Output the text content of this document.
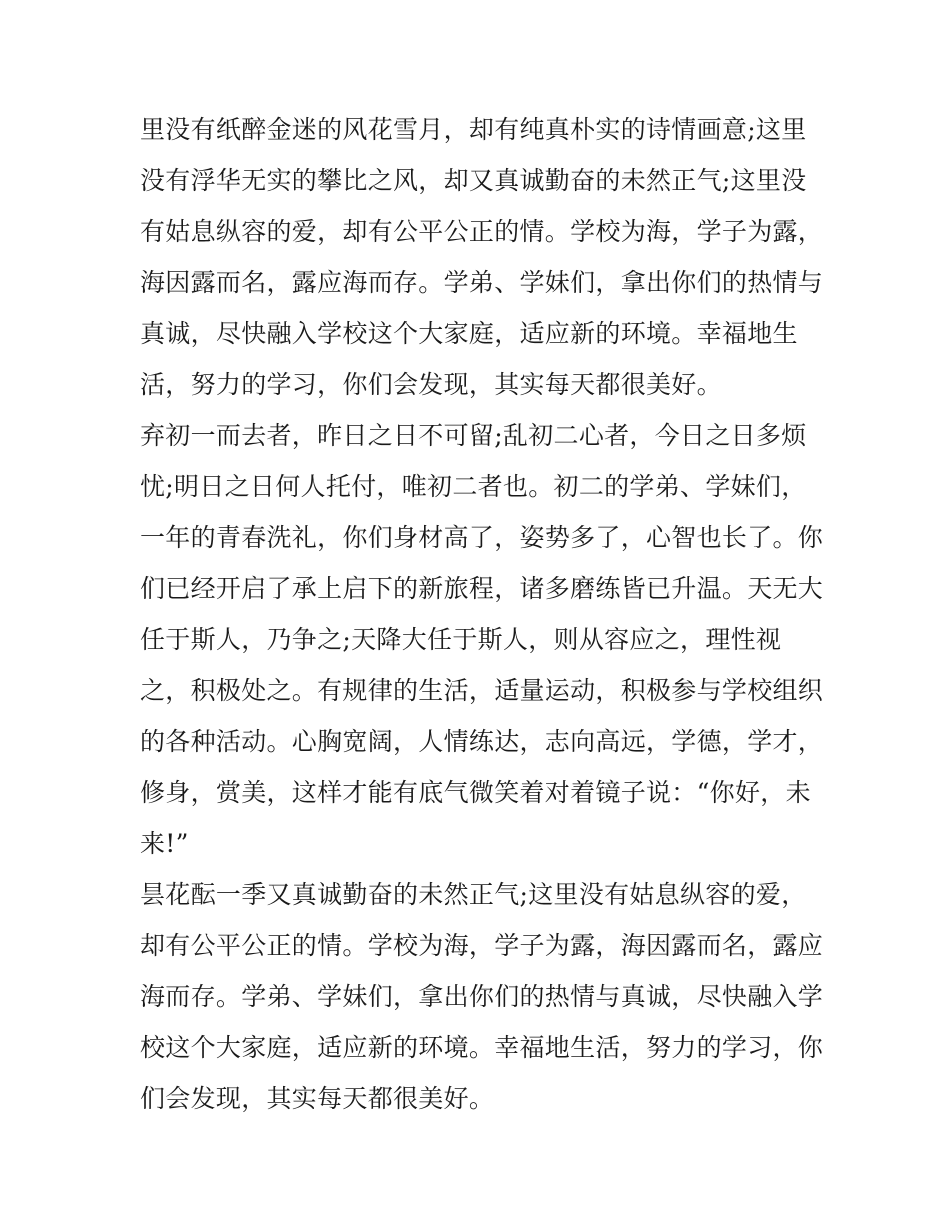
里没有纸醉金迷的风花雪月，却有纯真朴实的诗情画意;这里
没有浮华无实的攀比之风，却又真诚勤奋的未然正气;这里没
有姑息纵容的爱，却有公平公正的情。学校为海，学子为露，
海因露而名，露应海而存。学弟、学妹们，拿出你们的热情与
真诚，尽快融入学校这个大家庭，适应新的环境。幸福地生
活，努力的学习，你们会发现，其实每天都很美好。
弃初一而去者，昨日之日不可留;乱初二心者，今日之日多烦
忧;明日之日何人托付，唯初二者也。初二的学弟、学妹们，
一年的青春洗礼，你们身材高了，姿势多了，心智也长了。你
们已经开启了承上启下的新旅程，诸多磨练皆已升温。天无大
任于斯人，乃争之;天降大任于斯人，则从容应之，理性视
之，积极处之。有规律的生活，适量运动，积极参与学校组织
的各种活动。心胸宽阔，人情练达，志向高远，学德，学才，
修身，赏美，这样才能有底气微笑着对着镜子说：“你好，未
来!”
昙花酝一季又真诚勤奋的未然正气;这里没有姑息纵容的爱，
却有公平公正的情。学校为海，学子为露，海因露而名，露应
海而存。学弟、学妹们，拿出你们的热情与真诚，尽快融入学
校这个大家庭，适应新的环境。幸福地生活，努力的学习，你
们会发现，其实每天都很美好。
